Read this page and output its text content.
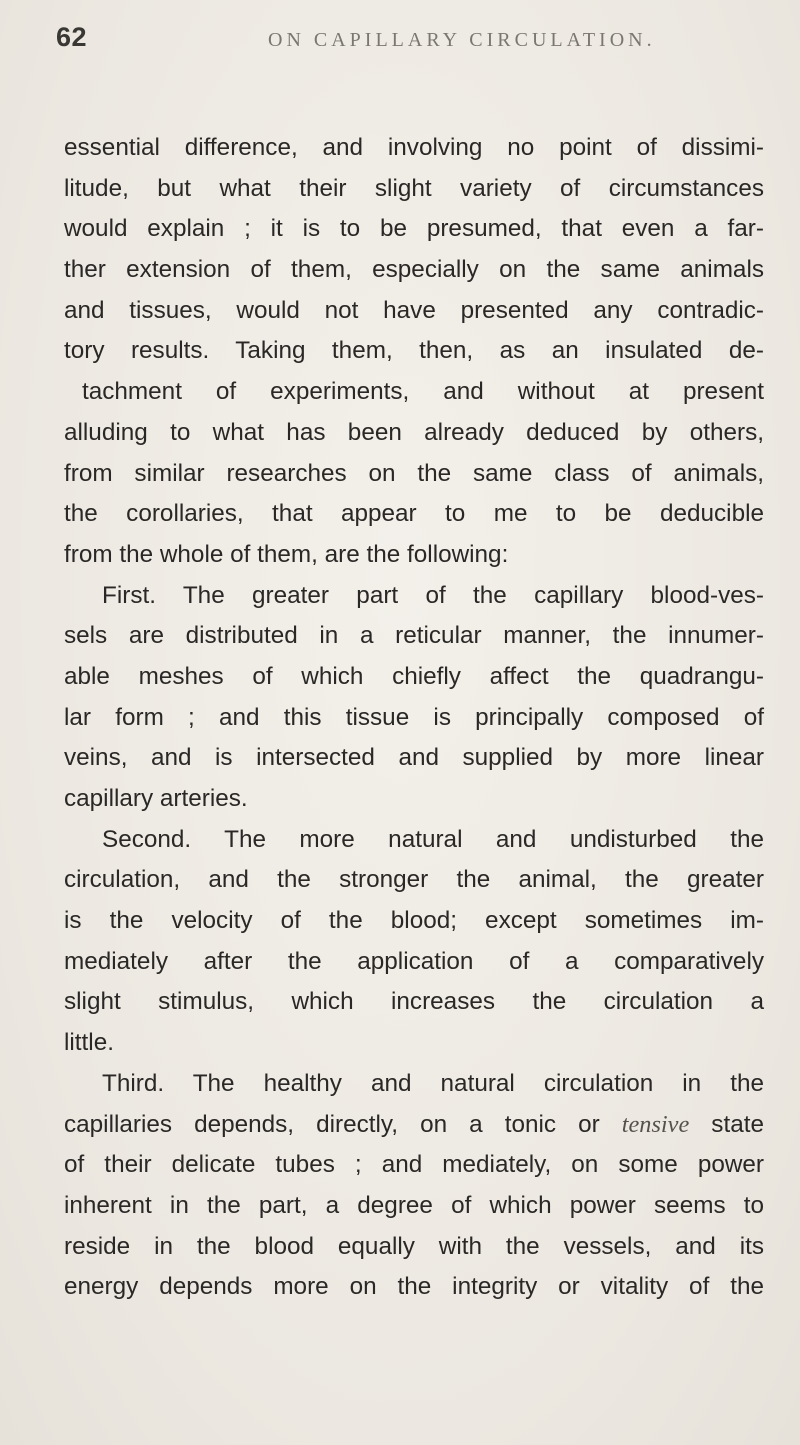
62	ON CAPILLARY CIRCULATION.
essential difference, and involving no point of dissimi-
litude, but what their slight variety of circumstances
would explain ; it is to be presumed, that even a far-
ther extension of them, especially on the same animals
and tissues, would not have presented any contradic-
tory results. Taking them, then, as an insulated de-
tachment of experiments, and without at present
alluding to what has been already deduced by others,
from similar researches on the same class of animals,
the corollaries, that appear to me to be deducible
from the whole of them, are the following:
First. The greater part of the capillary blood-ves-
sels are distributed in a reticular manner, the innumer-
able meshes of which chiefly affect the quadrangu-
lar form ; and this tissue is principally composed of
veins, and is intersected and supplied by more linear
capillary arteries.
Second. The more natural and undisturbed the
circulation, and the stronger the animal, the greater
is the velocity of the blood; except sometimes im-
mediately after the application of a comparatively
slight stimulus, which increases the circulation a
little.
Third. The healthy and natural circulation in the
capillaries depends, directly, on a tonic or tensive state
of their delicate tubes ; and mediately, on some power
inherent in the part, a degree of which power seems to
reside in the blood equally with the vessels, and its
energy depends more on the integrity or vitality of the
